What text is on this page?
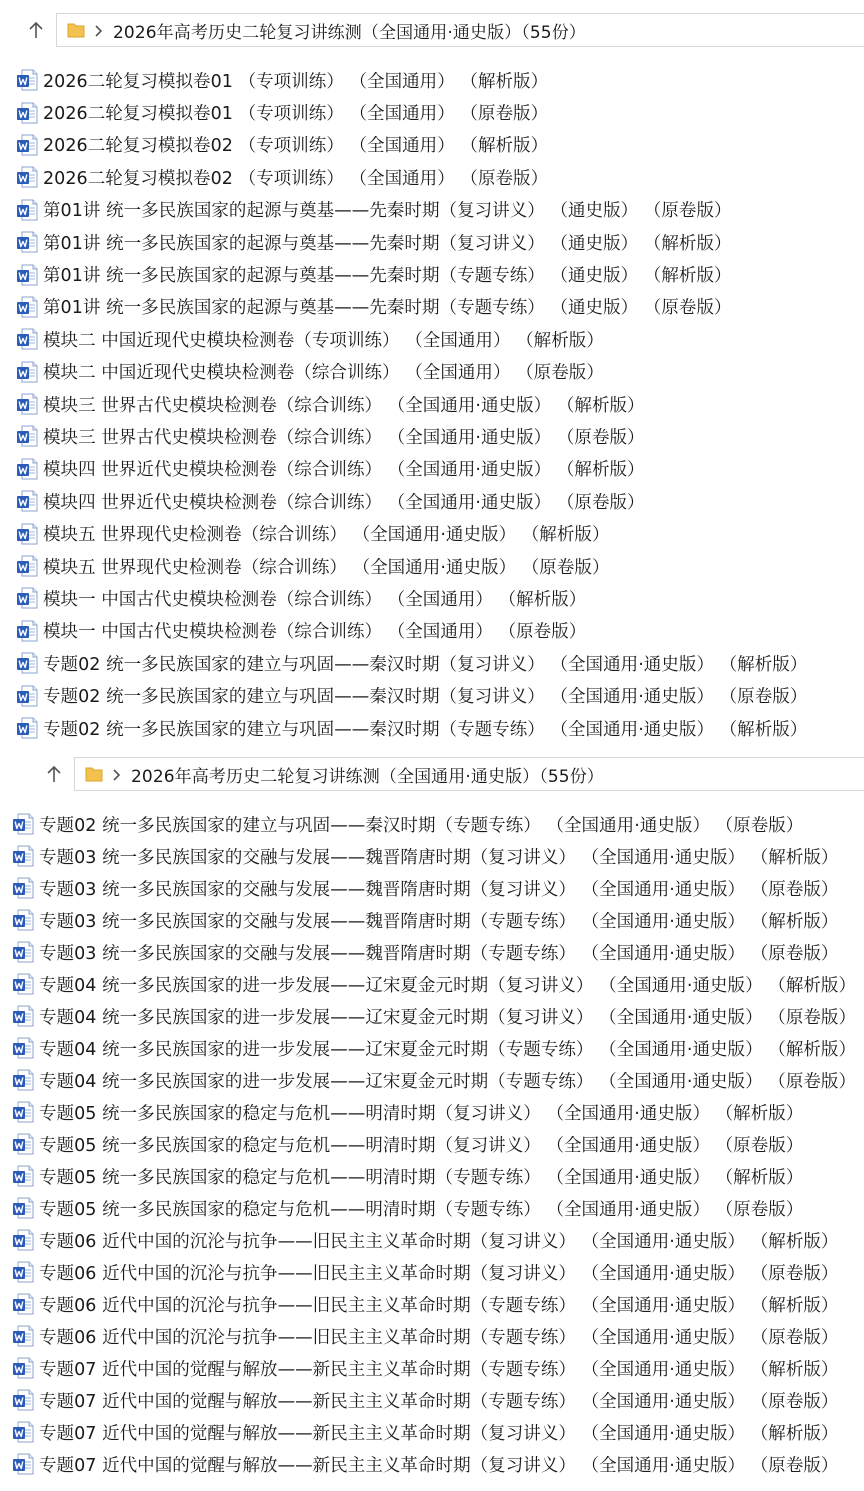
2026年高考历史二轮复习讲练测（全国通用·通史版）（55份）
2026二轮复习模拟卷01 （专项训练） （全国通用） （解析版）
2026二轮复习模拟卷01 （专项训练） （全国通用） （原卷版）
2026二轮复习模拟卷02 （专项训练） （全国通用） （解析版）
2026二轮复习模拟卷02 （专项训练） （全国通用） （原卷版）
第01讲 统一多民族国家的起源与奠基——先秦时期（复习讲义） （通史版） （原卷版）
第01讲 统一多民族国家的起源与奠基——先秦时期（复习讲义） （通史版） （解析版）
第01讲 统一多民族国家的起源与奠基——先秦时期（专题专练） （通史版） （解析版）
第01讲 统一多民族国家的起源与奠基——先秦时期（专题专练） （通史版） （原卷版）
模块二 中国近现代史模块检测卷（专项训练） （全国通用） （解析版）
模块二 中国近现代史模块检测卷（综合训练） （全国通用） （原卷版）
模块三 世界古代史模块检测卷（综合训练） （全国通用·通史版） （解析版）
模块三 世界古代史模块检测卷（综合训练） （全国通用·通史版） （原卷版）
模块四 世界近代史模块检测卷（综合训练） （全国通用·通史版） （解析版）
模块四 世界近代史模块检测卷（综合训练） （全国通用·通史版） （原卷版）
模块五 世界现代史检测卷（综合训练） （全国通用·通史版） （解析版）
模块五 世界现代史检测卷（综合训练） （全国通用·通史版） （原卷版）
模块一 中国古代史模块检测卷（综合训练） （全国通用） （解析版）
模块一 中国古代史模块检测卷（综合训练） （全国通用） （原卷版）
专题02 统一多民族国家的建立与巩固——秦汉时期（复习讲义） （全国通用·通史版） （解析版）
专题02 统一多民族国家的建立与巩固——秦汉时期（复习讲义） （全国通用·通史版） （原卷版）
专题02 统一多民族国家的建立与巩固——秦汉时期（专题专练） （全国通用·通史版） （解析版）
2026年高考历史二轮复习讲练测（全国通用·通史版）（55份）
专题02 统一多民族国家的建立与巩固——秦汉时期（专题专练） （全国通用·通史版） （原卷版）
专题03 统一多民族国家的交融与发展——魏晋隋唐时期（复习讲义） （全国通用·通史版） （解析版）
专题03 统一多民族国家的交融与发展——魏晋隋唐时期（复习讲义） （全国通用·通史版） （原卷版）
专题03 统一多民族国家的交融与发展——魏晋隋唐时期（专题专练） （全国通用·通史版） （解析版）
专题03 统一多民族国家的交融与发展——魏晋隋唐时期（专题专练） （全国通用·通史版） （原卷版）
专题04 统一多民族国家的进一步发展——辽宋夏金元时期（复习讲义） （全国通用·通史版） （解析版）
专题04 统一多民族国家的进一步发展——辽宋夏金元时期（复习讲义） （全国通用·通史版） （原卷版）
专题04 统一多民族国家的进一步发展——辽宋夏金元时期（专题专练） （全国通用·通史版） （解析版）
专题04 统一多民族国家的进一步发展——辽宋夏金元时期（专题专练） （全国通用·通史版） （原卷版）
专题05 统一多民族国家的稳定与危机——明清时期（复习讲义） （全国通用·通史版） （解析版）
专题05 统一多民族国家的稳定与危机——明清时期（复习讲义） （全国通用·通史版） （原卷版）
专题05 统一多民族国家的稳定与危机——明清时期（专题专练） （全国通用·通史版） （解析版）
专题05 统一多民族国家的稳定与危机——明清时期（专题专练） （全国通用·通史版） （原卷版）
专题06 近代中国的沉沦与抗争——旧民主主义革命时期（复习讲义） （全国通用·通史版） （解析版）
专题06 近代中国的沉沦与抗争——旧民主主义革命时期（复习讲义） （全国通用·通史版） （原卷版）
专题06 近代中国的沉沦与抗争——旧民主主义革命时期（专题专练） （全国通用·通史版） （解析版）
专题06 近代中国的沉沦与抗争——旧民主主义革命时期（专题专练） （全国通用·通史版） （原卷版）
专题07 近代中国的觉醒与解放——新民主主义革命时期（专题专练） （全国通用·通史版） （解析版）
专题07 近代中国的觉醒与解放——新民主主义革命时期（专题专练） （全国通用·通史版） （原卷版）
专题07 近代中国的觉醒与解放——新民主主义革命时期（复习讲义） （全国通用·通史版） （解析版）
专题07 近代中国的觉醒与解放——新民主主义革命时期（复习讲义） （全国通用·通史版） （原卷版）
